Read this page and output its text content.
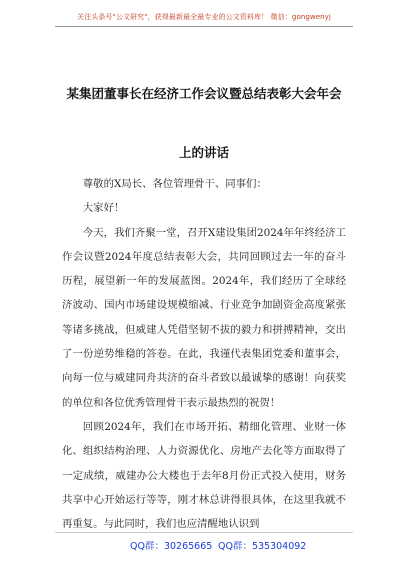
关注头条号"公文研究"，获得最新最全最专业的公文资料库！ 微信：gongwenyj
某集团董事长在经济工作会议暨总结表彰大会年会上的讲话

尊敬的X局长、各位管理骨干、同事们：

大家好！

今天，我们齐聚一堂，召开X建设集团2024年年终经济工作会议暨2024年度总结表彰大会，共同回顾过去一年的奋斗历程，展望新一年的发展蓝图。2024年，我们经历了全球经济波动、国内市场建设规模缩减、行业竞争加剧资金高度紧张等诸多挑战，但威建人凭借坚韧不拔的毅力和拼搏精神，交出了一份逆势维稳的答卷。在此，我谨代表集团党委和董事会，向每一位与威建同舟共济的奋斗者致以最诚挚的感谢！向获奖的单位和各位优秀管理骨干表示最热烈的祝贺！

回顾2024年，我们在市场开拓、精细化管理、业财一体化、组织结构治理、人力资源优化、房地产去化等方面取得了一定成绩，威建办公大楼也于去年8月份正式投入使用，财务共享中心开始运行等等，刚才林总讲得很具体，在这里我就不再重复。与此同时，我们也应清醒地认识到

QQ群：30265665 QQ群：535304092
